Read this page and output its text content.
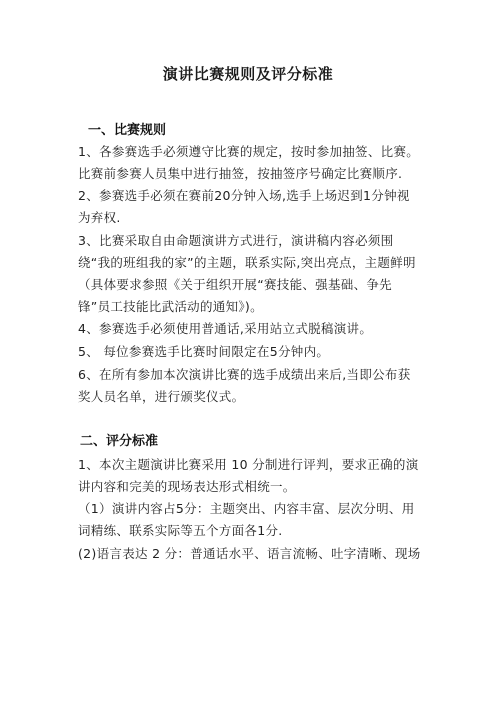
演讲比赛规则及评分标准
一、比赛规则
1、各参赛选手必须遵守比赛的规定，按时参加抽签、比赛。比赛前参赛人员集中进行抽签，按抽签序号确定比赛顺序.
2、参赛选手必须在赛前20分钟入场,选手上场迟到1分钟视为弃权.
3、比赛采取自由命题演讲方式进行，演讲稿内容必须围绕“我的班组我的家”的主题，联系实际,突出亮点，主题鲜明（具体要求参照《关于组织开展“赛技能、强基础、争先锋”员工技能比武活动的通知》)。
4、参赛选手必须使用普通话,采用站立式脱稿演讲。
5、 每位参赛选手比赛时间限定在5分钟内。
6、在所有参加本次演讲比赛的选手成绩出来后,当即公布获奖人员名单，进行颁奖仪式。
二、评分标准
1、本次主题演讲比赛采用 10 分制进行评判，要求正确的演讲内容和完美的现场表达形式相统一。
（1）演讲内容占5分：主题突出、内容丰富、层次分明、用词精练、联系实际等五个方面各1分.
(2)语言表达 2 分：普通话水平、语言流畅、吐字清晰、现场
